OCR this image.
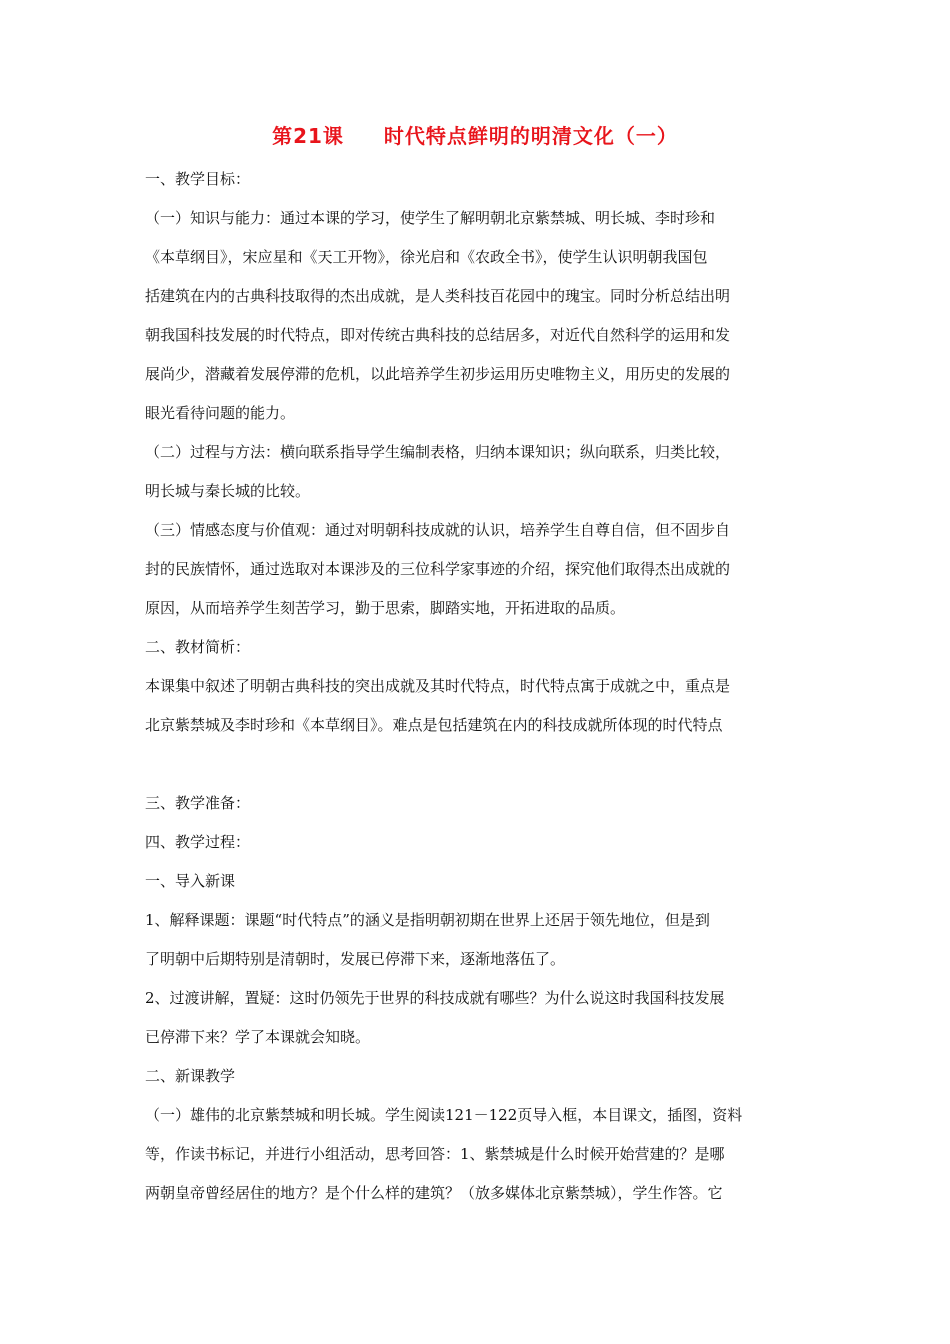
第21课 时代特点鲜明的明清文化（一）
一、教学目标：
（一）知识与能力：通过本课的学习，使学生了解明朝北京紫禁城、明长城、李时珍和
《本草纲目》，宋应星和《天工开物》，徐光启和《农政全书》，使学生认识明朝我国包
括建筑在内的古典科技取得的杰出成就，是人类科技百花园中的瑰宝。同时分析总结出明
朝我国科技发展的时代特点，即对传统古典科技的总结居多，对近代自然科学的运用和发
展尚少，潜藏着发展停滞的危机，以此培养学生初步运用历史唯物主义，用历史的发展的
眼光看待问题的能力。
（二）过程与方法：横向联系指导学生编制表格，归纳本课知识；纵向联系，归类比较，
明长城与秦长城的比较。
（三）情感态度与价值观：通过对明朝科技成就的认识，培养学生自尊自信，但不固步自
封的民族情怀，通过选取对本课涉及的三位科学家事迹的介绍，探究他们取得杰出成就的
原因，从而培养学生刻苦学习，勤于思索，脚踏实地，开拓进取的品质。
二、教材简析：
本课集中叙述了明朝古典科技的突出成就及其时代特点，时代特点寓于成就之中，重点是
北京紫禁城及李时珍和《本草纲目》。难点是包括建筑在内的科技成就所体现的时代特点
三、教学准备：
四、教学过程：
一、导入新课
1、解释课题：课题“时代特点”的涵义是指明朝初期在世界上还居于领先地位，但是到
了明朝中后期特别是清朝时，发展已停滞下来，逐渐地落伍了。
2、过渡讲解，置疑：这时仍领先于世界的科技成就有哪些？为什么说这时我国科技发展
已停滞下来？学了本课就会知晓。
二、新课教学
（一）雄伟的北京紫禁城和明长城。学生阅读121－122页导入框，本目课文，插图，资料
等，作读书标记，并进行小组活动，思考回答：1、紫禁城是什么时候开始营建的？是哪
两朝皇帝曾经居住的地方？是个什么样的建筑？（放多媒体北京紫禁城），学生作答。它
